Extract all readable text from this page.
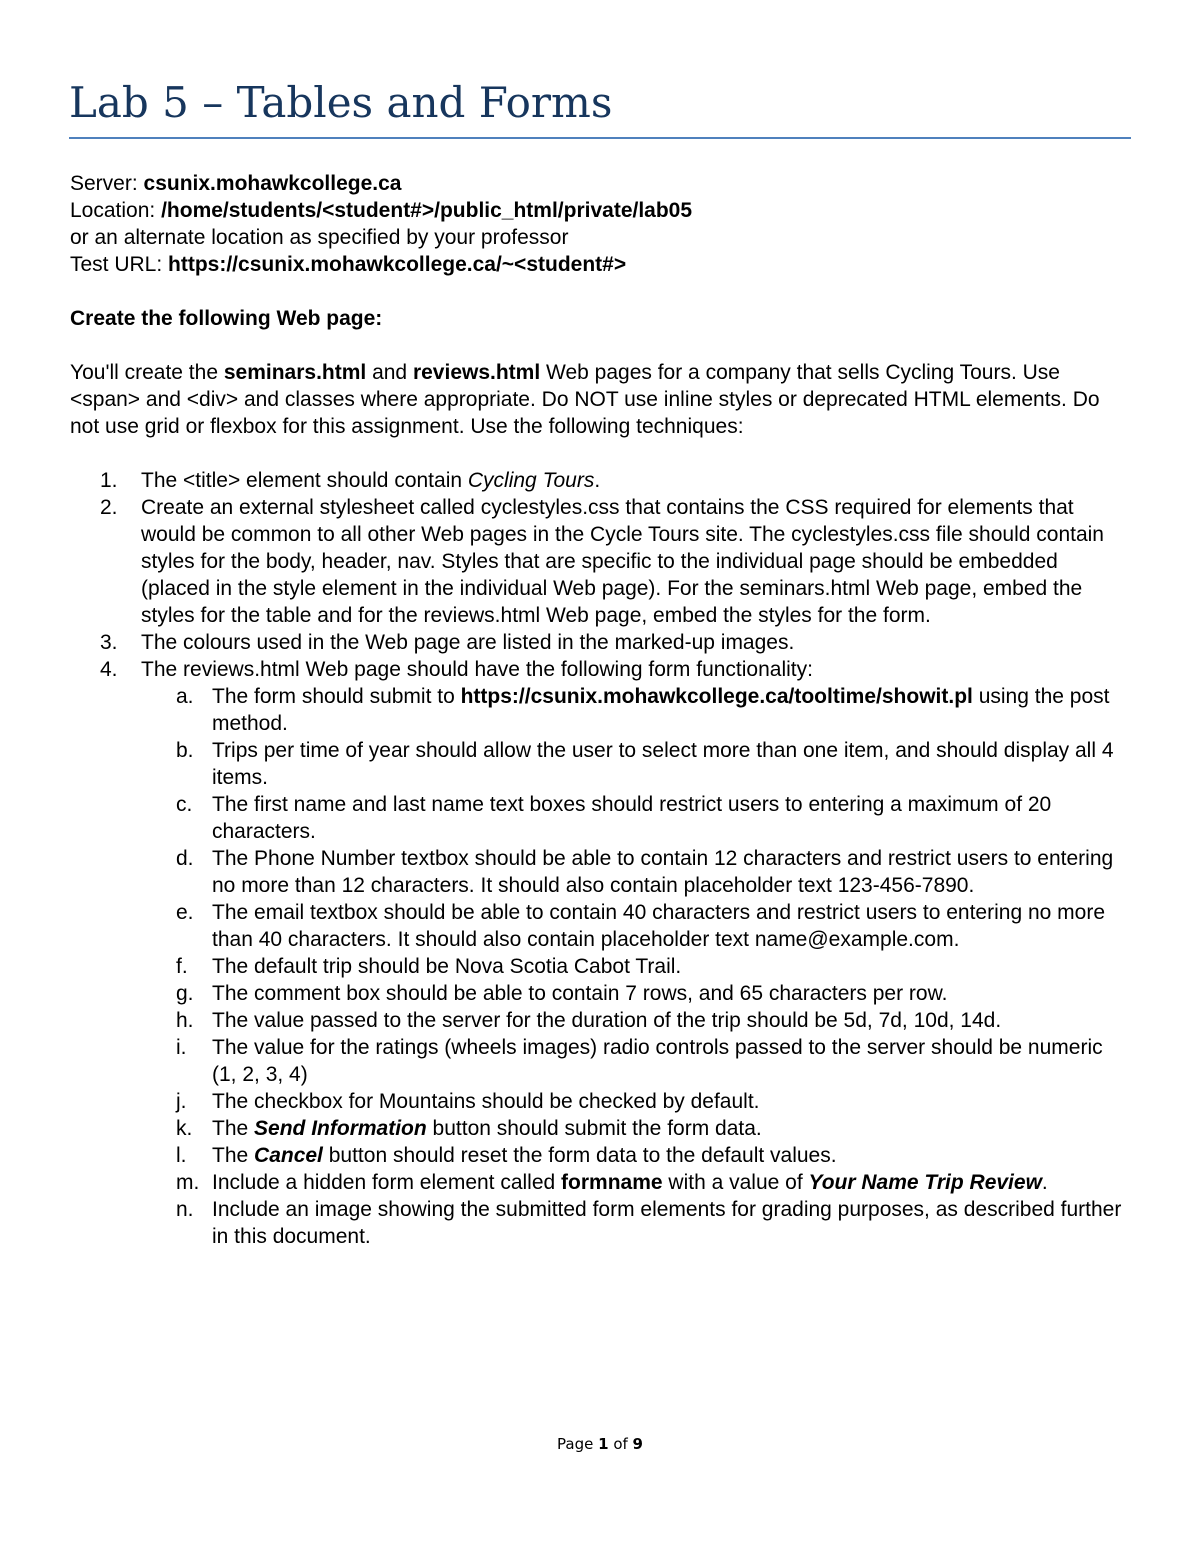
Lab 5 – Tables and Forms
Server: csunix.mohawkcollege.ca
Location: /home/students/<student#>/public_html/private/lab05
or an alternate location as specified by your professor
Test URL: https://csunix.mohawkcollege.ca/~<student#>

Create the following Web page:

You'll create the seminars.html and reviews.html Web pages for a company that sells Cycling Tours. Use <span> and <div> and classes where appropriate. Do NOT use inline styles or deprecated HTML elements. Do not use grid or flexbox for this assignment. Use the following techniques:

1. The <title> element should contain Cycling Tours.
2. Create an external stylesheet called cyclestyles.css that contains the CSS required for elements that would be common to all other Web pages in the Cycle Tours site. The cyclestyles.css file should contain styles for the body, header, nav. Styles that are specific to the individual page should be embedded (placed in the style element in the individual Web page). For the seminars.html Web page, embed the styles for the table and for the reviews.html Web page, embed the styles for the form.
3. The colours used in the Web page are listed in the marked-up images.
4. The reviews.html Web page should have the following form functionality:
a. The form should submit to https://csunix.mohawkcollege.ca/tooltime/showit.pl using the post method.
b. Trips per time of year should allow the user to select more than one item, and should display all 4 items.
c. The first name and last name text boxes should restrict users to entering a maximum of 20 characters.
d. The Phone Number textbox should be able to contain 12 characters and restrict users to entering no more than 12 characters. It should also contain placeholder text 123-456-7890.
e. The email textbox should be able to contain 40 characters and restrict users to entering no more than 40 characters. It should also contain placeholder text name@example.com.
f. The default trip should be Nova Scotia Cabot Trail.
g. The comment box should be able to contain 7 rows, and 65 characters per row.
h. The value passed to the server for the duration of the trip should be 5d, 7d, 10d, 14d.
i. The value for the ratings (wheels images) radio controls passed to the server should be numeric (1, 2, 3, 4)
j. The checkbox for Mountains should be checked by default.
k. The Send Information button should submit the form data.
l. The Cancel button should reset the form data to the default values.
m. Include a hidden form element called formname with a value of Your Name Trip Review.
n. Include an image showing the submitted form elements for grading purposes, as described further in this document.
Page 1 of 9
